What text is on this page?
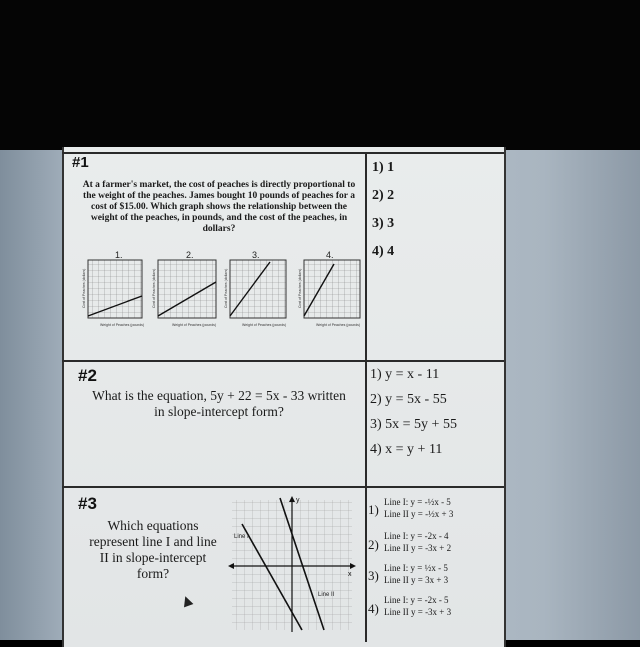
#1
At a farmer's market, the cost of peaches is directly proportional to the weight of the peaches. James bought 10 pounds of peaches for a cost of $15.00. Which graph shows the relationship between the weight of the peaches, in pounds, and the cost of the peaches, in dollars?
1.	2.	3.	4.
Weight of Peaches (pounds)	Weight of Peaches (pounds)	Weight of Peaches (pounds)	Weight of Peaches (pounds)
Cost of Peaches (dollars)	Cost of Peaches (dollars)	Cost of Peaches (dollars)	Cost of Peaches (dollars)
1) 1
2) 2
3) 3
4) 4
#2
What is the equation, 5y + 22 = 5x - 33 written in slope-intercept form?
1) y = x - 11
2) y = 5x - 55
3) 5x = 5y + 55
4) x = y + 11
#3
Which equations represent line I and line II in slope-intercept form?
y
x
Line I
Line II
1) Line I: y = -½x - 5
Line II y = -½x + 3
2)
Line I: y = -2x - 4
Line II y = -3x + 2
3) Line I: y = ½x - 5
Line II y = 3x + 3
4)
Line I: y = -2x - 5
Line II y = -3x + 3
